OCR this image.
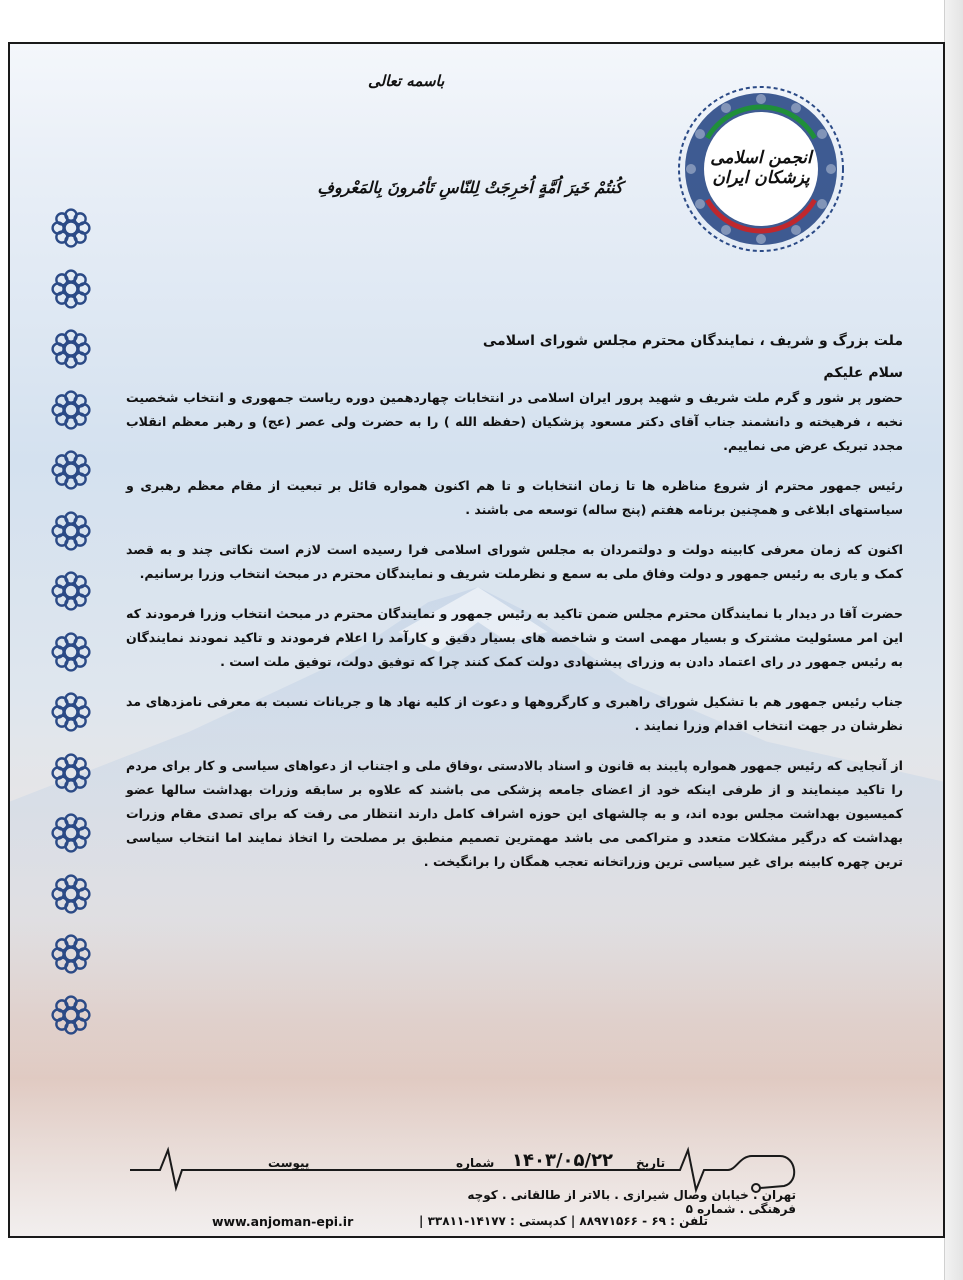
باسمه تعالی
کُنتُمْ خَیرَ اُمَّةٍ اُخرِجَتْ لِلنّاسِ تَأمُرونَ بِالمَعْروفِ
انجمن اسلامی
پزشکان ایران
ملت بزرگ و شریف ، نمایندگان محترم مجلس شورای اسلامی
سلام علیکم

حضور پر شور و گرم ملت شریف و شهید پرور ایران اسلامی در انتخابات چهاردهمین دوره ریاست جمهوری و انتخاب شخصیت نخبه ، فرهیخته و دانشمند جناب آقای دکتر مسعود پزشکیان (حفظه الله ) را به حضرت ولی عصر (عج) و رهبر معظم انقلاب مجدد تبریک عرض می نماییم.

رئیس جمهور محترم از شروع مناظره ها تا زمان انتخابات و تا هم اکنون همواره قائل بر تبعیت از مقام معظم رهبری و سیاستهای ابلاغی و همچنین برنامه هفتم (پنج ساله) توسعه می باشند .

اکنون که زمان معرفی کابینه دولت و دولتمردان به مجلس شورای اسلامی فرا رسیده است لازم است نکاتی چند و به قصد کمک و یاری به رئیس جمهور و دولت وفاق ملی به سمع و نظرملت شریف و نمایندگان محترم در مبحث انتخاب وزرا برسانیم.

حضرت آقا در دیدار با نمایندگان محترم مجلس ضمن تاکید به رئیس جمهور و نمایندگان محترم در مبحث انتخاب وزرا فرمودند که این امر مسئولیت مشترک و بسیار مهمی است و شاخصه های بسیار دقیق و کارآمد را اعلام فرمودند و تاکید نمودند نمایندگان به رئیس جمهور در رای اعتماد دادن به وزرای پیشنهادی دولت کمک کنند چرا که توفیق دولت، توفیق ملت است .

جناب رئیس جمهور هم با تشکیل شورای راهبری و کارگروهها و دعوت از کلیه نهاد ها و جریانات نسبت به معرفی نامزدهای مد نظرشان در جهت انتخاب اقدام وزرا نمایند .

از آنجایی که رئیس جمهور همواره پایبند به قانون و اسناد بالادستی ،وفاق ملی و اجتناب از دعواهای سیاسی و کار برای مردم را تاکید مینمایند و از طرفی اینکه خود از اعضای جامعه پزشکی می باشند که علاوه بر سابقه وزرات بهداشت سالها عضو کمیسیون بهداشت مجلس بوده اند، و به چالشهای این حوزه اشراف کامل دارند انتظار می رفت که برای تصدی مقام وزرات بهداشت که درگیر مشکلات متعدد و متراکمی می باشد مهمترین تصمیم منطبق بر مصلحت را اتخاذ نمایند اما انتخاب سیاسی ترین چهره کابینه برای غیر سیاسی ترین وزراتخانه تعجب همگان را برانگیخت .

تاریخ
۱۴۰۳/۰۵/۲۲
شماره
پیوست
تهران . خیابان وصال شیرازی . بالاتر از طالقانی . کوچه فرهنگی . شماره ۵
تلفن : ۶۹ - ۸۸۹۷۱۵۶۶ | کدپستی : ۱۴۱۷۷-۳۳۸۱۱ |
www.anjoman-epi.ir
